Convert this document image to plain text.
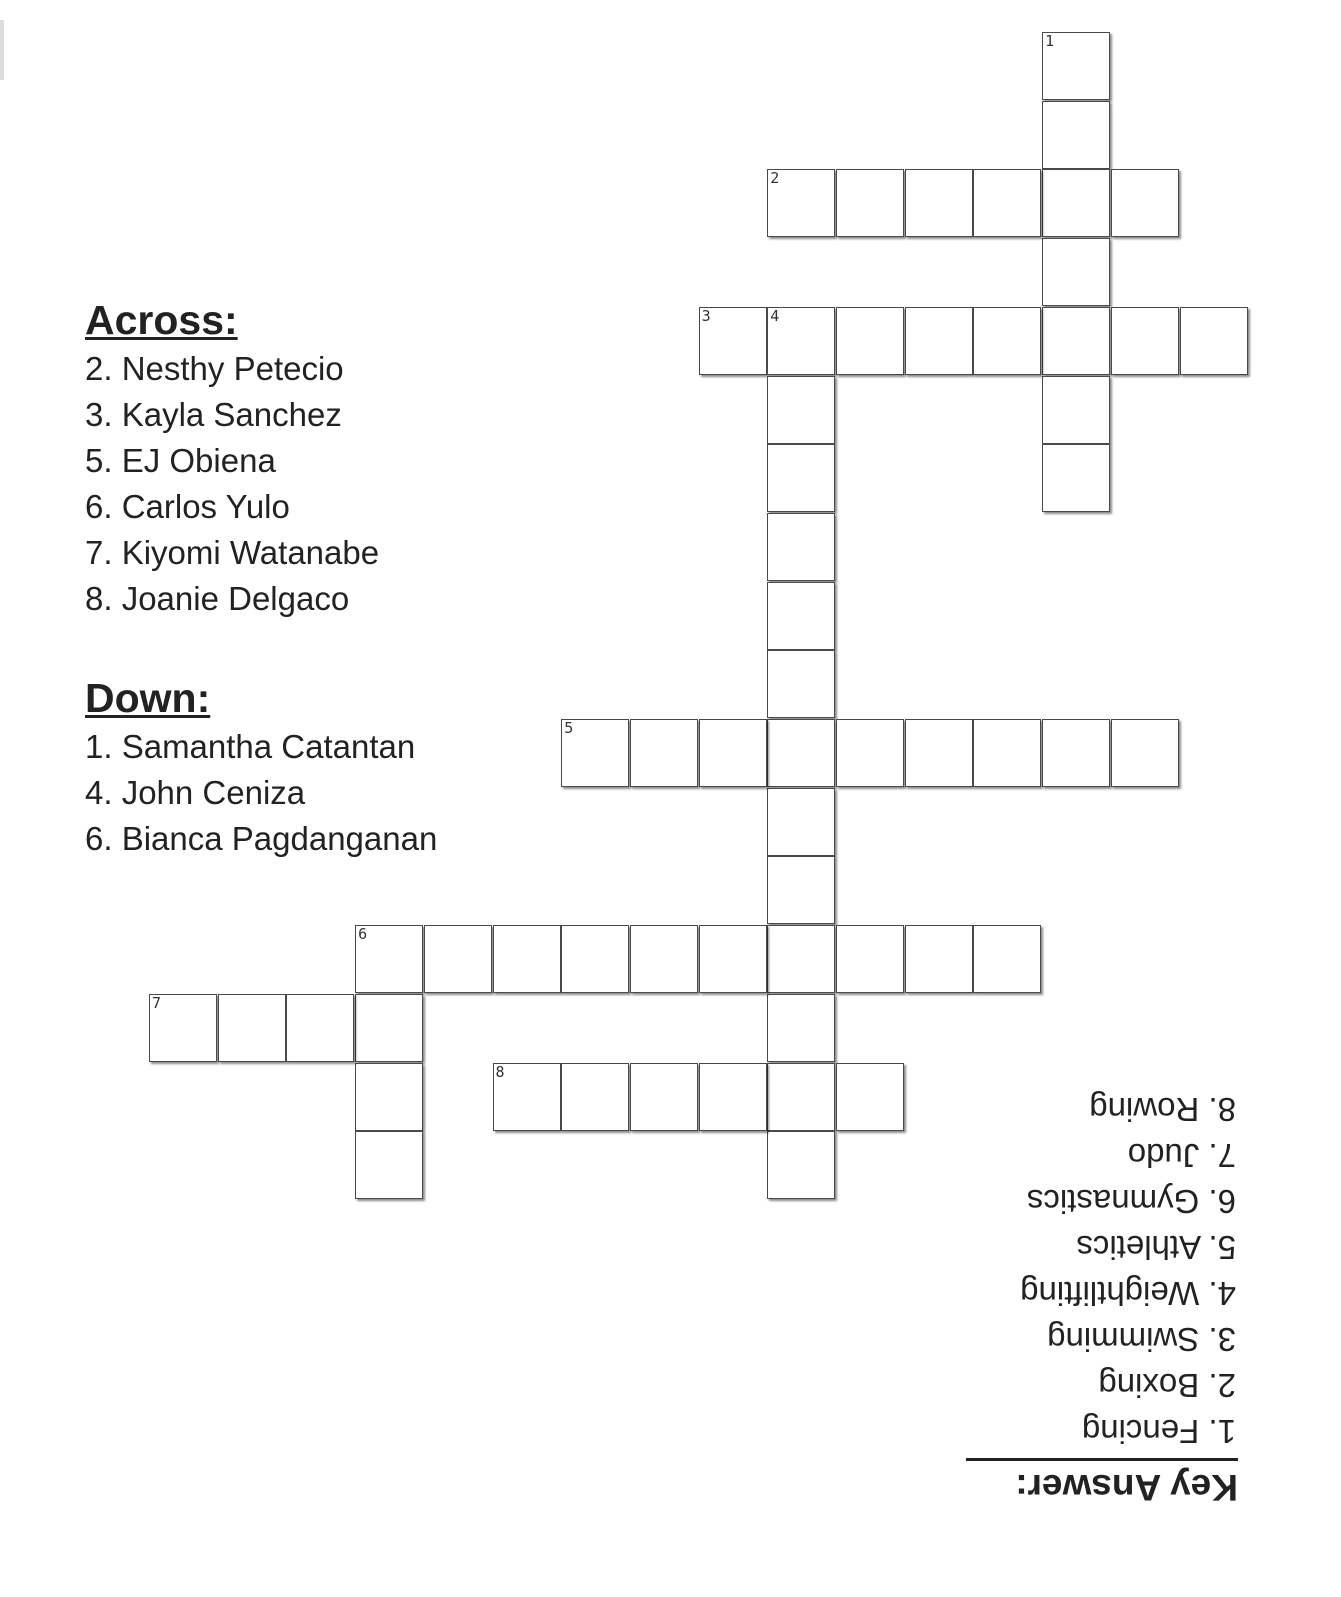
1
2
3	4
5
6
7
8
Across:
2. Nesthy Petecio
3. Kayla Sanchez
5. EJ Obiena
6. Carlos Yulo
7. Kiyomi Watanabe
8. Joanie Delgaco
Down:
1. Samantha Catantan
4. John Ceniza
6. Bianca Pagdanganan
Key Answer:
1. Fencing
2. Boxing
3. Swimming
4. Weightlifting
5. Athletics
6. Gymnastics
7. Judo
8. Rowing
